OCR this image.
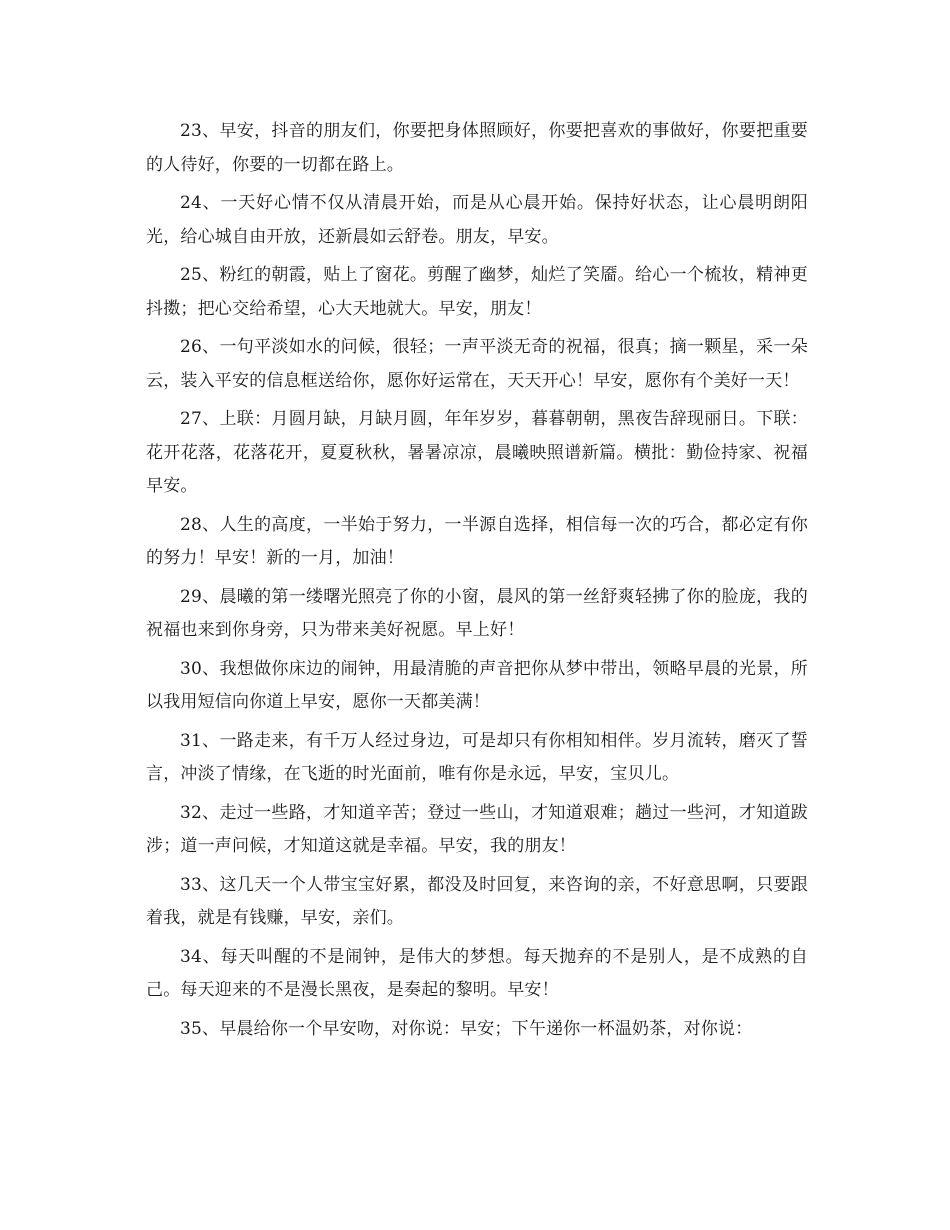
23、早安，抖音的朋友们，你要把身体照顾好，你要把喜欢的事做好，你要把重要的人待好，你要的一切都在路上。

24、一天好心情不仅从清晨开始，而是从心晨开始。保持好状态，让心晨明朗阳光，给心城自由开放，还新晨如云舒卷。朋友，早安。

25、粉红的朝霞，贴上了窗花。剪醒了幽梦，灿烂了笑靥。给心一个梳妆，精神更抖擞；把心交给希望，心大天地就大。早安，朋友！

26、一句平淡如水的问候，很轻；一声平淡无奇的祝福，很真；摘一颗星，采一朵云，装入平安的信息框送给你，愿你好运常在，天天开心！早安，愿你有个美好一天！

27、上联：月圆月缺，月缺月圆，年年岁岁，暮暮朝朝，黑夜告辞现丽日。下联：花开花落，花落花开，夏夏秋秋，暑暑凉凉，晨曦映照谱新篇。横批：勤俭持家、祝福早安。

28、人生的高度，一半始于努力，一半源自选择，相信每一次的巧合，都必定有你的努力！早安！新的一月，加油！

29、晨曦的第一缕曙光照亮了你的小窗，晨风的第一丝舒爽轻拂了你的脸庞，我的祝福也来到你身旁，只为带来美好祝愿。早上好！

30、我想做你床边的闹钟，用最清脆的声音把你从梦中带出，领略早晨的光景，所以我用短信向你道上早安，愿你一天都美满！

31、一路走来，有千万人经过身边，可是却只有你相知相伴。岁月流转，磨灭了誓言，冲淡了情缘，在飞逝的时光面前，唯有你是永远，早安，宝贝儿。

32、走过一些路，才知道辛苦；登过一些山，才知道艰难；趟过一些河，才知道跋涉；道一声问候，才知道这就是幸福。早安，我的朋友！

33、这几天一个人带宝宝好累，都没及时回复，来咨询的亲，不好意思啊，只要跟着我，就是有钱赚，早安，亲们。

34、每天叫醒的不是闹钟，是伟大的梦想。每天抛弃的不是别人，是不成熟的自己。每天迎来的不是漫长黑夜，是奏起的黎明。早安！

35、早晨给你一个早安吻，对你说：早安；下午递你一杯温奶茶，对你说：
